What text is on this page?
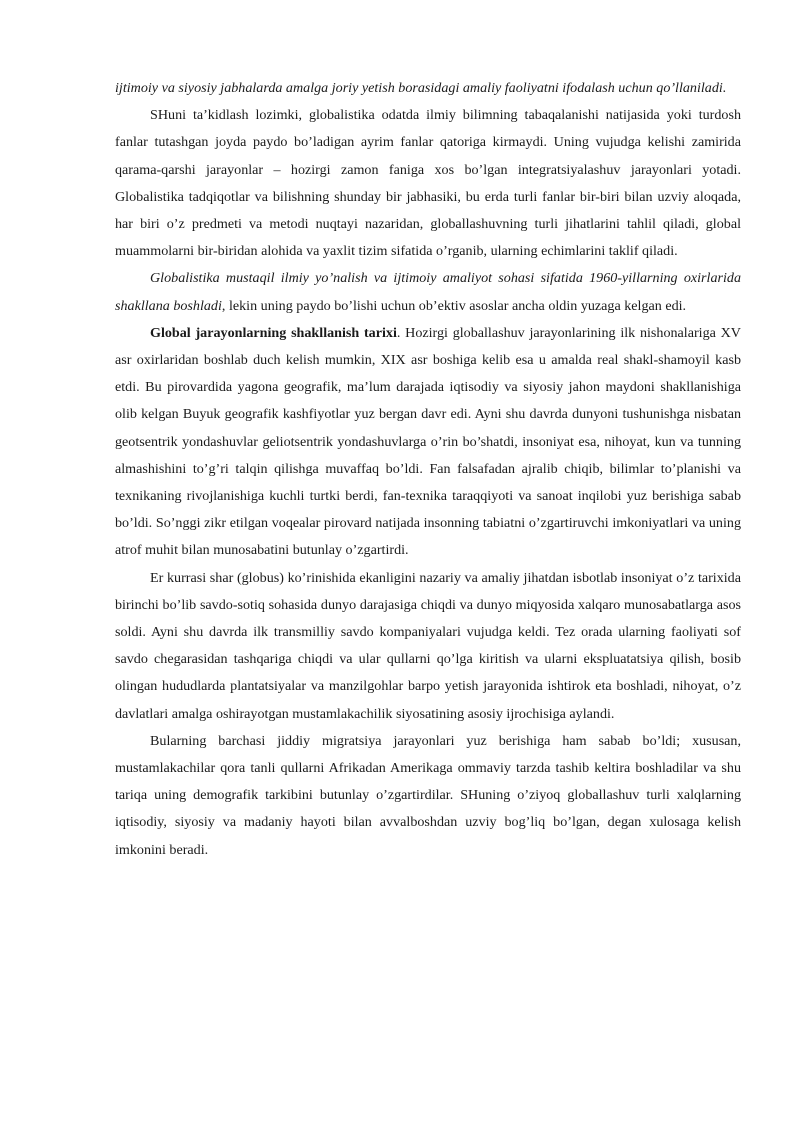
ijtimoiy va siyosiy jabhalarda amalga joriy yetish borasidagi amaliy faoliyatni ifodalash uchun qo’llaniladi.

SHuni ta’kidlash lozimki, globalistika odatda ilmiy bilimning tabaqalanishi natijasida yoki turdosh fanlar tutashgan joyda paydo bo’ladigan ayrim fanlar qatoriga kirmaydi. Uning vujudga kelishi zamirida qarama-qarshi jarayonlar – hozirgi zamon faniga xos bo’lgan integratsiyalashuv jarayonlari yotadi. Globalistika tadqiqotlar va bilishning shunday bir jabhasiki, bu erda turli fanlar bir-biri bilan uzviy aloqada, har biri o’z predmeti va metodi nuqtayi nazaridan, globallashuvning turli jihatlarini tahlil qiladi, global muammolarni bir-biridan alohida va yaxlit tizim sifatida o’rganib, ularning echimlarini taklif qiladi.

Globalistika mustaqil ilmiy yo’nalish va ijtimoiy amaliyot sohasi sifatida 1960-yillarning oxirlarida shakllana boshladi, lekin uning paydo bo’lishi uchun ob’ektiv asoslar ancha oldin yuzaga kelgan edi.

Global jarayonlarning shakllanish tarixi. Hozirgi globallashuv jarayonlarining ilk nishonalariga XV asr oxirlaridan boshlab duch kelish mumkin, XIX asr boshiga kelib esa u amalda real shakl-shamoyil kasb etdi. Bu pirovardida yagona geografik, ma’lum darajada iqtisodiy va siyosiy jahon maydoni shakllanishiga olib kelgan Buyuk geografik kashfiyotlar yuz bergan davr edi. Ayni shu davrda dunyoni tushunishga nisbatan geotsentrik yondashuvlar geliotsentrik yondashuvlarga o’rin bo’shatdi, insoniyat esa, nihoyat, kun va tunning almashishini to’g’ri talqin qilishga muvaffaq bo’ldi. Fan falsafadan ajralib chiqib, bilimlar to’planishi va texnikaning rivojlanishiga kuchli turtki berdi, fan-texnika taraqqiyoti va sanoat inqilobi yuz berishiga sabab bo’ldi. So’nggi zikr etilgan voqealar pirovard natijada insonning tabiatni o’zgartiruvchi imkoniyatlari va uning atrof muhit bilan munosabatini butunlay o’zgartirdi.

Er kurrasi shar (globus) ko’rinishida ekanligini nazariy va amaliy jihatdan isbotlab insoniyat o’z tarixida birinchi bo’lib savdo-sotiq sohasida dunyo darajasiga chiqdi va dunyo miqyosida xalqaro munosabatlarga asos soldi. Ayni shu davrda ilk transmilliy savdo kompaniyalari vujudga keldi. Tez orada ularning faoliyati sof savdo chegarasidan tashqariga chiqdi va ular qullarni qo’lga kiritish va ularni ekspluatatsiya qilish, bosib olingan hududlarda plantatsiyalar va manzilgohlar barpo yetish jarayonida ishtirok eta boshladi, nihoyat, o’z davlatlari amalga oshirayotgan mustamlakachilik siyosatining asosiy ijrochisiga aylandi.

Bularning barchasi jiddiy migratsiya jarayonlari yuz berishiga ham sabab bo’ldi; xususan, mustamlakachilar qora tanli qullarni Afrikadan Amerikaga ommaviy tarzda tashib keltira boshladilar va shu tariqa uning demografik tarkibini butunlay o’zgartirdilar. SHuning o’ziyoq globallashuv turli xalqlarning iqtisodiy, siyosiy va madaniy hayoti bilan avvalboshdan uzviy bog’liq bo’lgan, degan xulosaga kelish imkonini beradi.
